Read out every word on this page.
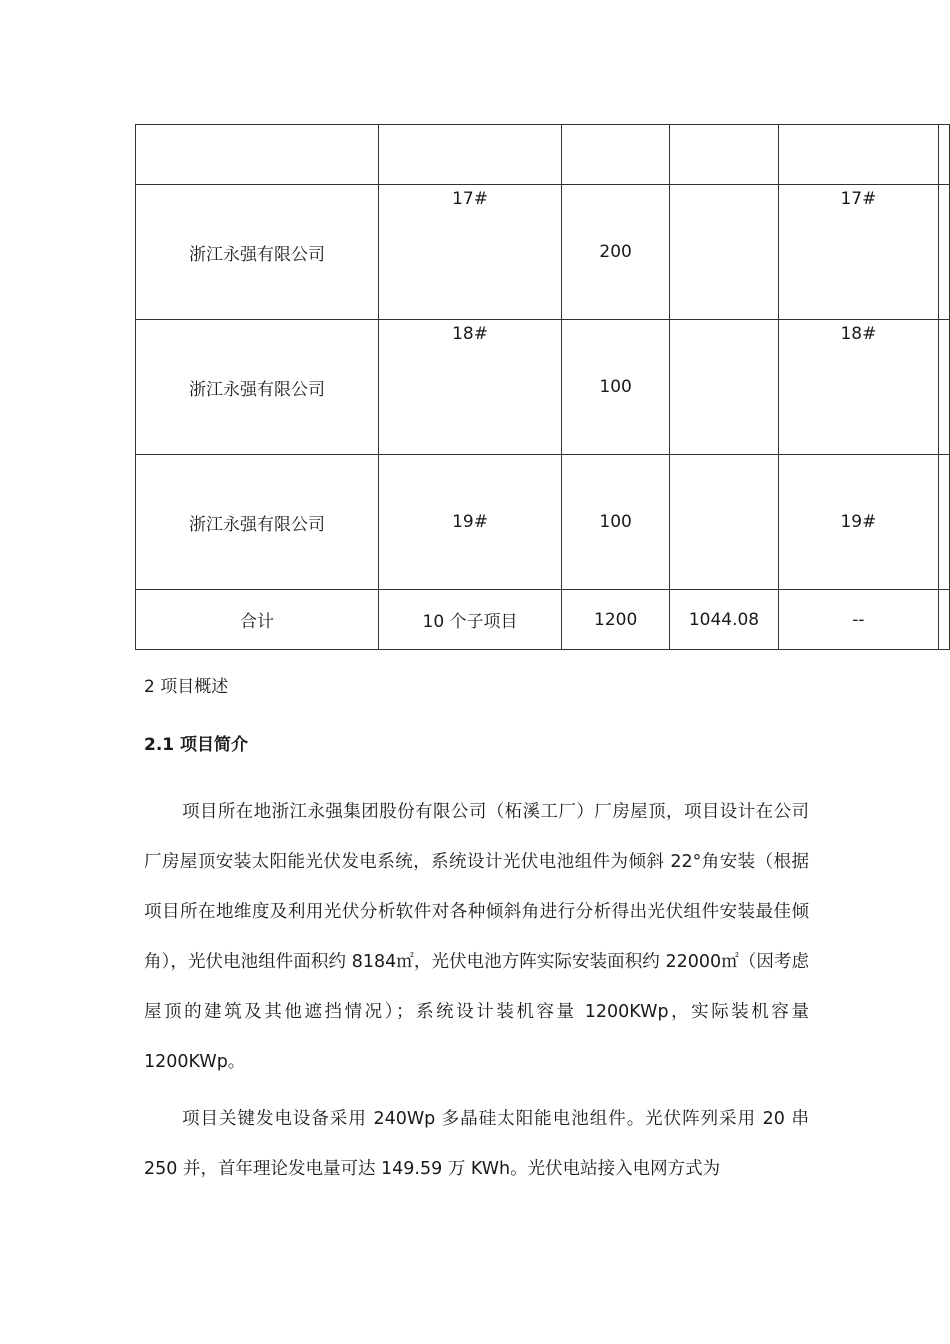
浙江永强有限公司	17#	200		17#	

浙江永强有限公司	18#	100		18#	

浙江永强有限公司	19#	100		19#	
合计	10 个子项目	1200	1044.08	--	
2 项目概述
2.1 项目简介

项目所在地浙江永强集团股份有限公司（柘溪工厂）厂房屋顶，项目设计在公司厂房屋顶安装太阳能光伏发电系统，系统设计光伏电池组件为倾斜 22°角安装（根据项目所在地维度及利用光伏分析软件对各种倾斜角进行分析得出光伏组件安装最佳倾角），光伏电池组件面积约 8184㎡，光伏电池方阵实际安装面积约 22000㎡（因考虑屋顶的建筑及其他遮挡情况）；系统设计装机容量 1200KWp，实际装机容量 1200KWp。

项目关键发电设备采用 240Wp 多晶硅太阳能电池组件。光伏阵列采用 20 串 250 并，首年理论发电量可达 149.59 万 KWh。光伏电站接入电网方式为
